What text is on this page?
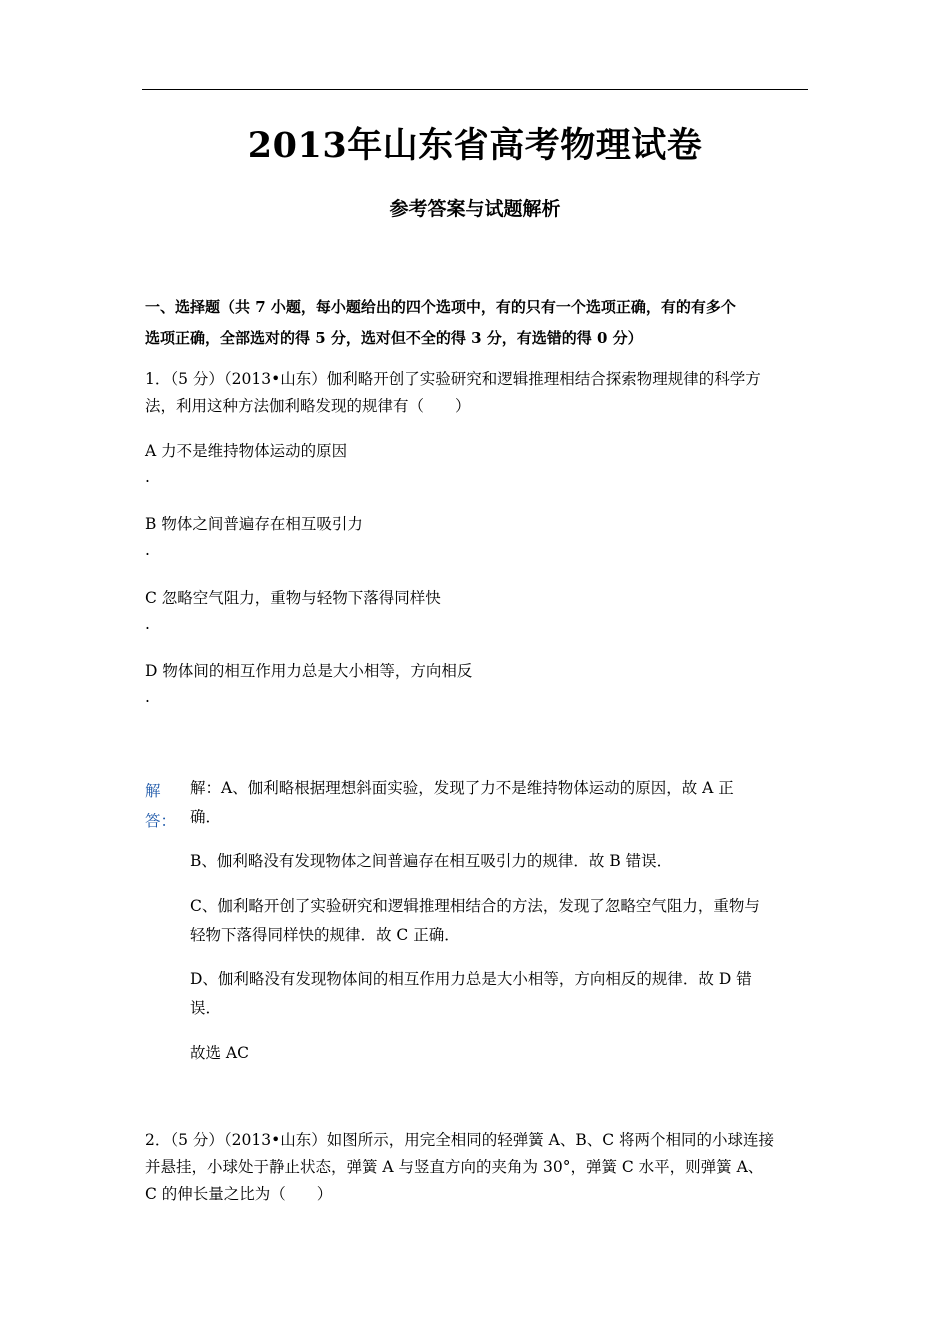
2013年山东省高考物理试卷
参考答案与试题解析
一、选择题（共 7 小题，每小题给出的四个选项中，有的只有一个选项正确，有的有多个
选项正确，全部选对的得 5 分，选对但不全的得 3 分，有选错的得 0 分）
1．（5 分）（2013•山东）伽利略开创了实验研究和逻辑推理相结合探索物理规律的科学方
法，利用这种方法伽利略发现的规律有（　　）
A 力不是维持物体运动的原因
.
B 物体之间普遍存在相互吸引力
.
C 忽略空气阻力，重物与轻物下落得同样快
.
D 物体间的相互作用力总是大小相等，方向相反
.
解
答：
解：A、伽利略根据理想斜面实验，发现了力不是维持物体运动的原因，故 A 正
确．
B、伽利略没有发现物体之间普遍存在相互吸引力的规律．故 B 错误．
C、伽利略开创了实验研究和逻辑推理相结合的方法，发现了忽略空气阻力，重物与
轻物下落得同样快的规律．故 C 正确．
D、伽利略没有发现物体间的相互作用力总是大小相等，方向相反的规律．故 D 错
误．
故选 AC
2．（5 分）（2013•山东）如图所示，用完全相同的轻弹簧 A、B、C 将两个相同的小球连接
并悬挂，小球处于静止状态，弹簧 A 与竖直方向的夹角为 30°，弹簧 C 水平，则弹簧 A、
C 的伸长量之比为（　　）
